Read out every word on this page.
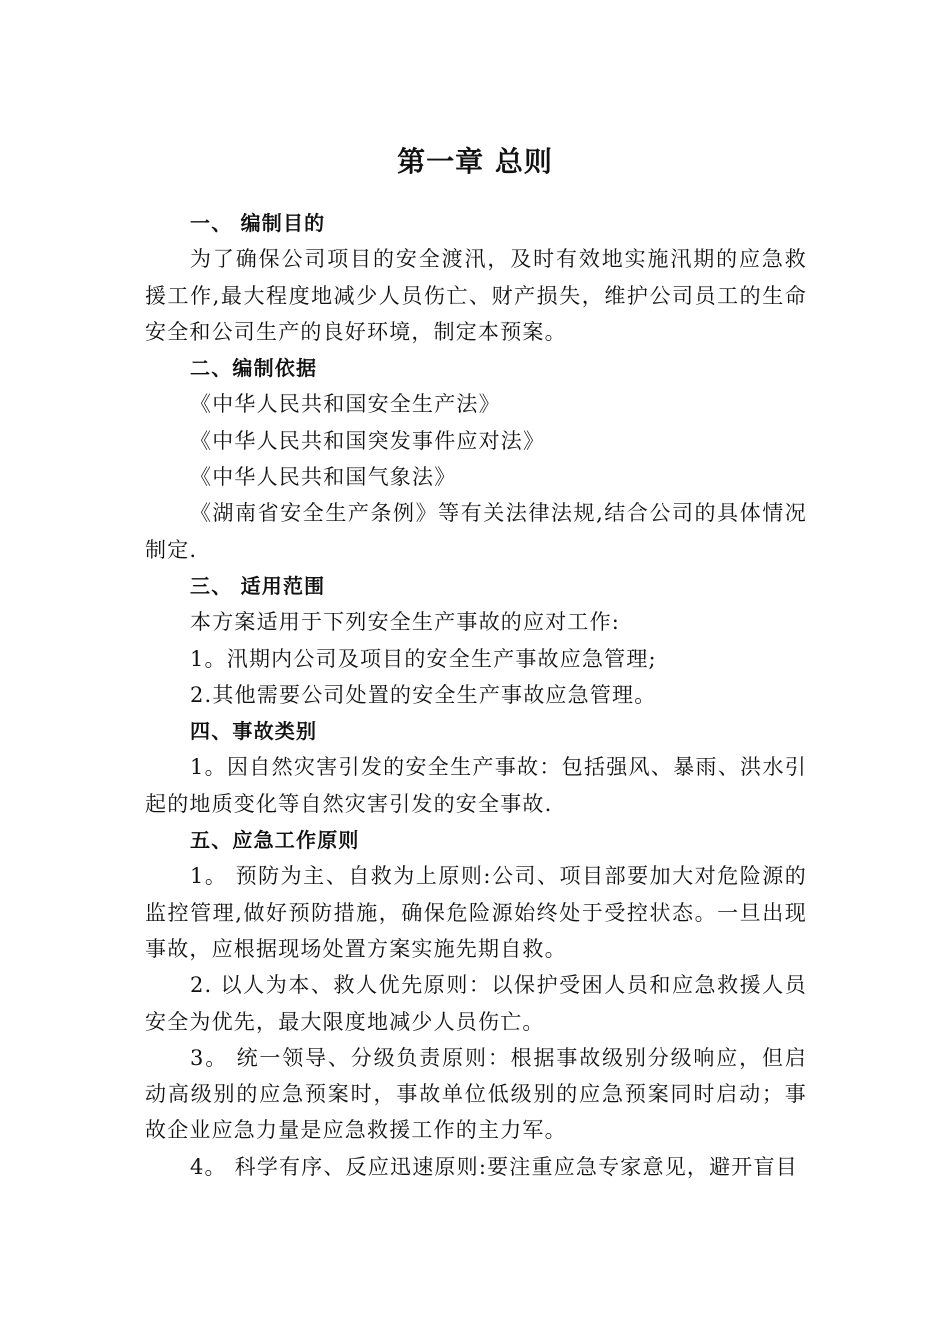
第一章 总则

一、 编制目的

为了确保公司项目的安全渡汛，及时有效地实施汛期的应急救援工作,最大程度地减少人员伤亡、财产损失，维护公司员工的生命安全和公司生产的良好环境，制定本预案。

二、编制依据

《中华人民共和国安全生产法》

《中华人民共和国突发事件应对法》

《中华人民共和国气象法》

《湖南省安全生产条例》等有关法律法规,结合公司的具体情况制定.

三、 适用范围

本方案适用于下列安全生产事故的应对工作:

1。汛期内公司及项目的安全生产事故应急管理;

2.其他需要公司处置的安全生产事故应急管理。

四、事故类别

1。因自然灾害引发的安全生产事故：包括强风、暴雨、洪水引起的地质变化等自然灾害引发的安全事故.

五、应急工作原则

1。 预防为主、自救为上原则:公司、项目部要加大对危险源的监控管理,做好预防措施，确保危险源始终处于受控状态。一旦出现事故，应根据现场处置方案实施先期自救。

2. 以人为本、救人优先原则：以保护受困人员和应急救援人员安全为优先，最大限度地减少人员伤亡。

3。 统一领导、分级负责原则：根据事故级别分级响应，但启动高级别的应急预案时，事故单位低级别的应急预案同时启动；事故企业应急力量是应急救援工作的主力军。

4。 科学有序、反应迅速原则:要注重应急专家意见，避开盲目
